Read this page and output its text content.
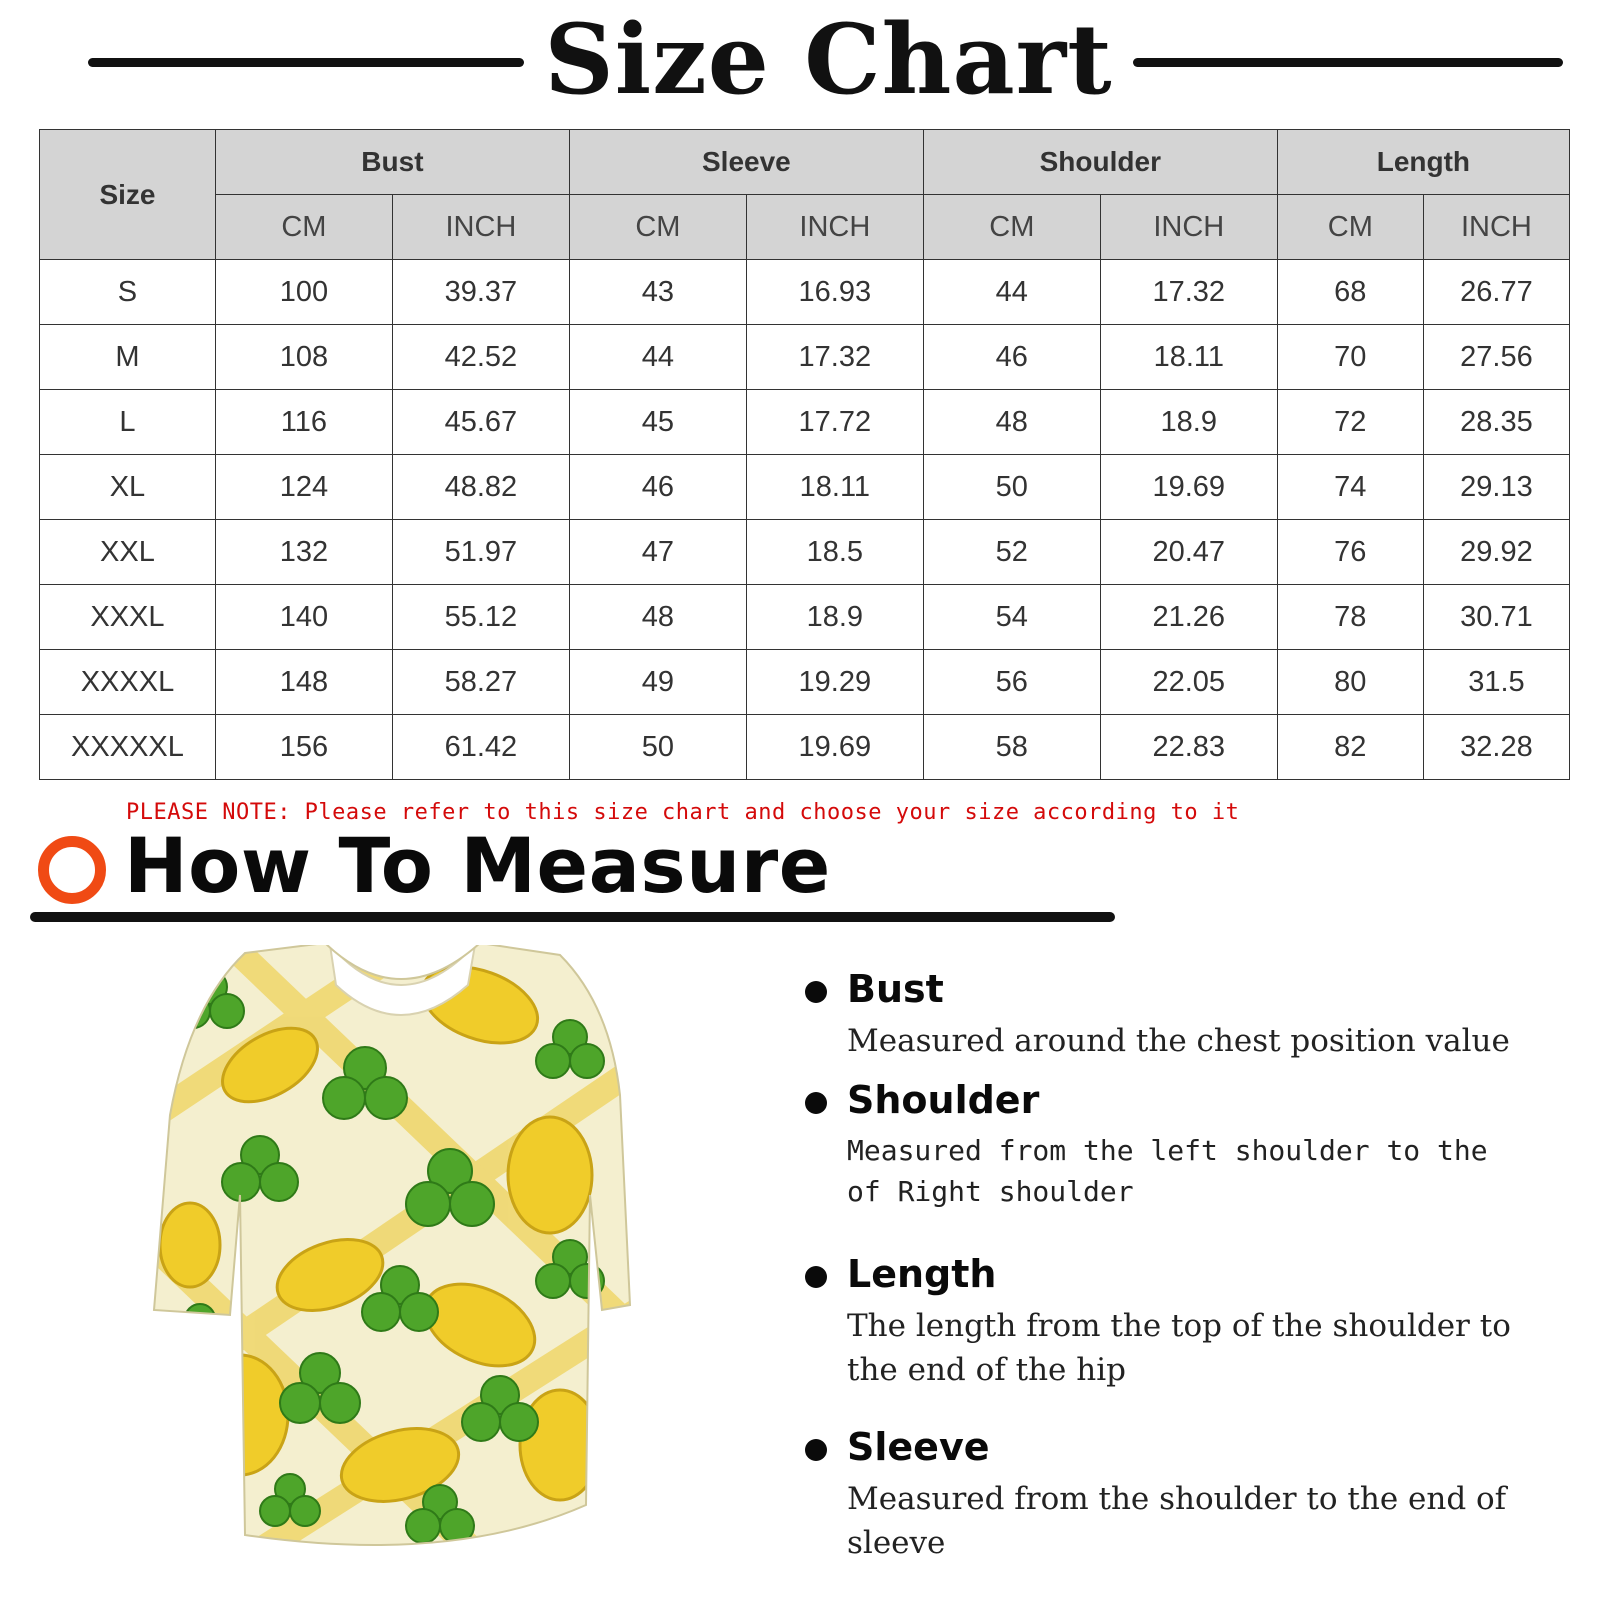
Size Chart
Size	Bust		Sleeve		Shoulder		Length	
	CM	INCH	CM	INCH	CM	INCH	CM	INCH
S	100	39.37	43	16.93	44	17.32	68	26.77
M	108	42.52	44	17.32	46	18.11	70	27.56
L	116	45.67	45	17.72	48	18.9	72	28.35
XL	124	48.82	46	18.11	50	19.69	74	29.13
XXL	132	51.97	47	18.5	52	20.47	76	29.92
XXXL	140	55.12	48	18.9	54	21.26	78	30.71
XXXXL	148	58.27	49	19.29	56	22.05	80	31.5
XXXXXL	156	61.42	50	19.69	58	22.83	82	32.28
PLEASE NOTE: Please refer to this size chart and choose your size according to it
How To Measure
Bust
Measured around the chest position value
Shoulder
Measured from the left shoulder to the of Right shoulder
Length
The length from the top of the shoulder to the end of the hip
Sleeve
Measured from the shoulder to the end of sleeve
